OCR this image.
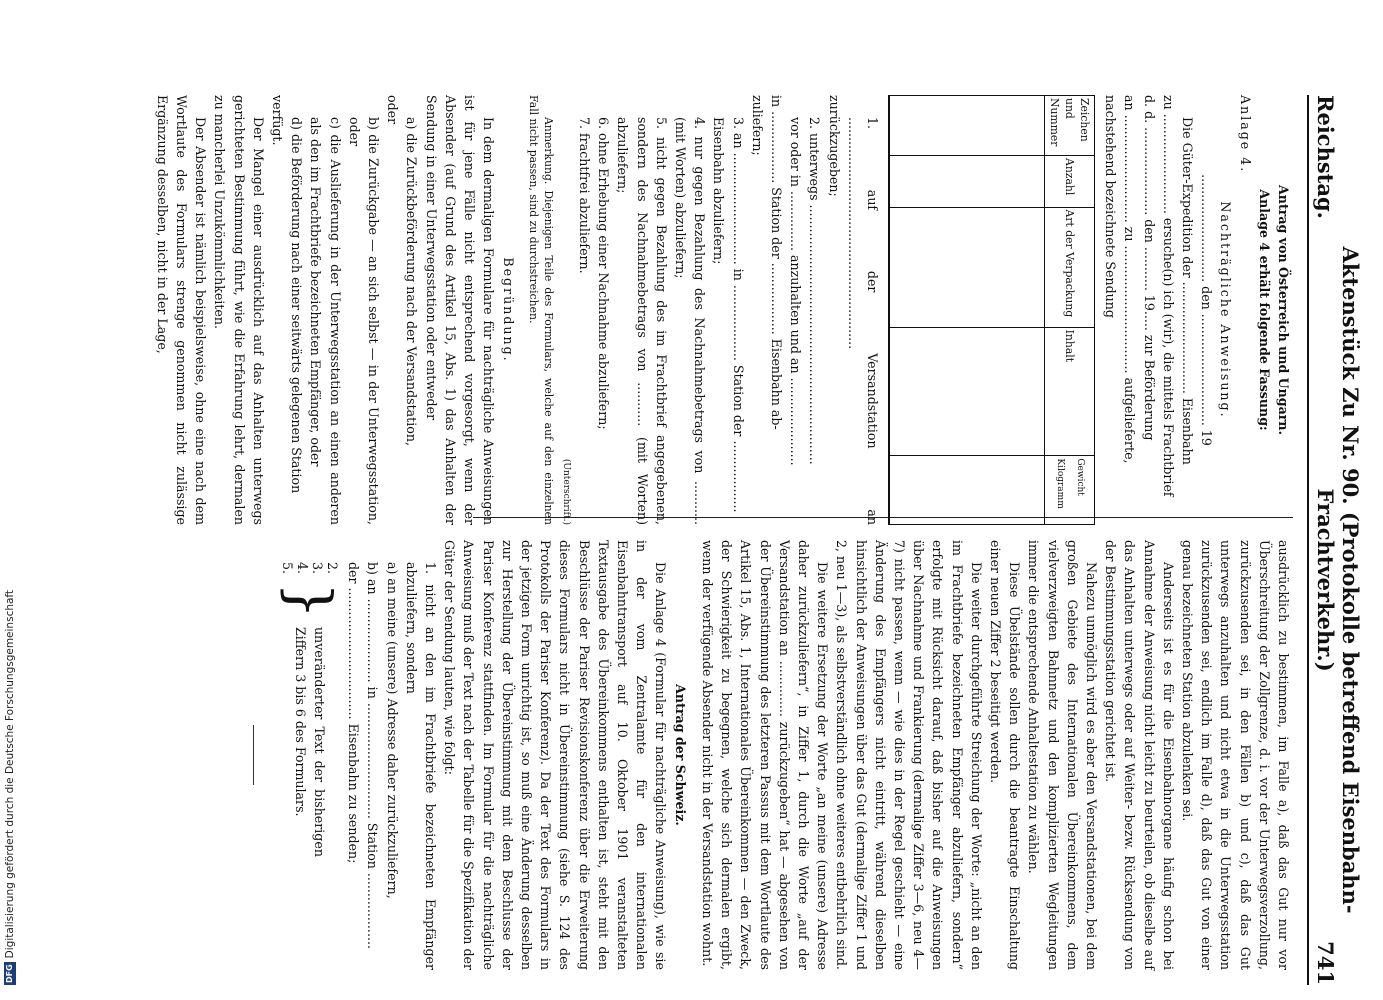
Reichstag.
Aktenstück Zu Nr. 90. (Protokolle betreffend Eisenbahn-Frachtverkehr.)
741

Antrag von Österreich und Ungarn.

Anlage 4 erhält folgende Fassung:

Anlage 4.

Nachträgliche Anweisung.

........................... den ............................ 19

Die Güter-Expedition der ............................ Eisenbahn

zu ......................... ersuche(n) ich (wir), die mittels Frachtbrief

d. d. ...................... den ........... 19..... zur Beförderung

an ........................... zu ................................ aufgelieferte,

nachstehend bezeichnete Sendung

Zeichen und Nummer	Anzahl	Art der Verpackung	Inhalt	Gewicht Kilogramm

1. auf der Versandstation an ..........................................................

zurückzugeben;

2. unterwegs .................................................................

vor oder in ............... anzuhalten und an ......................

in .................. Station der .................. Eisenbahn ab-

zuliefern;

3. an ............................ in ................... Station der ..................

Eisenbahn abzuliefern;

4. nur gegen Bezahlung des Nachnahmebetrags von ........... (mit Worten) abzuliefern;

5. nicht gegen Bezahlung des im Frachtbrief angegebenen, sondern des Nachnahmebetrags von ........... (mit Worten) abzuliefern;

6. ohne Erhebung einer Nachnahme abzuliefern;

7. frachtfrei abzuliefern.

(Unterschrift.)

Anmerkung. Diejenigen Teile des Formulars, welche auf den einzelnen Fall nicht passen, sind zu durchstreichen.

Begründung.

In dem dermaligen Formulare für nachträgliche Anweisungen ist für jene Fälle nicht entsprechend vorgesorgt, wenn der Absender (auf Grund des Artikel 15, Abs. 1) das Anhalten der Sendung in einer Unterwegsstation oder entweder

a) die Zurückbeförderung nach der Versandstation,

oder

b) die Zurückgabe — an sich selbst — in der Unterwegsstation, oder

c) die Auslieferung in der Unterwegsstation an einen anderen als den im Frachtbriefe bezeichneten Empfänger, oder

d) die Beförderung nach einer seitwärts gelegenen Station

verfügt.

Der Mangel einer ausdrücklich auf das Anhalten unterwegs gerichteten Bestimmung führt, wie die Erfahrung lehrt, dermalen zu mancherlei Unzukömmlichkeiten.

Der Absender ist nämlich beispielsweise, ohne eine nach dem Wortlaute des Formulars strenge genommen nicht zulässige Ergänzung desselben, nicht in der Lage,

ausdrücklich zu bestimmen, im Falle a), daß das Gut nur vor Überschreitung der Zollgrenze, d. i. vor der Unterwegsverzollung, zurückzusenden sei, in den Fällen b) und c), daß das Gut unterwegs anzuhalten und nicht etwa in die Unterwegsstation zurückzusenden sei, endlich im Falle d), daß das Gut von einer genau bezeichneten Station abzulenken sei.

Anderseits ist es für die Eisenbahnorgane häufig schon bei Annahme der Anweisung nicht leicht zu beurteilen, ob dieselbe auf das Anhalten unterwegs oder auf Weiter- bezw. Rücksendung von der Bestimmungsstation gerichtet ist.

Nahezu unmöglich wird es aber den Versandstationen, bei dem großen Gebiete des Internationalen Übereinkommens, dem vielverzweigten Bahnnetz und den komplizierten Wegleitungen immer die entsprechende Anhaltestation zu wählen.

Diese Übelstände sollen durch die beantragte Einschaltung einer neuen Ziffer 2 beseitigt werden.

Die weiter durchgeführte Streichung der Worte: „nicht an den im Frachtbriefe bezeichneten Empfänger abzuliefern, sondern“ erfolgte mit Rücksicht darauf, daß bisher auf die Anweisungen über Nachnahme und Frankierung (dermalige Ziffer 3—6, neu 4—7) nicht passen, wenn — wie dies in der Regel geschieht — eine Änderung des Empfängers nicht eintritt, während dieselben hinsichtlich der Anweisungen über das Gut (dermalige Ziffer 1 und 2, neu 1—3), als selbstverständlich ohne weiteres entbehrlich sind.

Die weitere Ersetzung der Worte „an meine (unsere) Adresse daher zurückzuliefern“, in Ziffer 1, durch die Worte „auf der Versandstation an .............. zurückzugeben“ hat — abgesehen von der Übereinstimmung des letzteren Passus mit dem Wortlaute des Artikel 15, Abs. 1, Internationales Übereinkommen — den Zweck, der Schwierigkeit zu begegnen, welche sich dermalen ergibt, wenn der verfügende Absender nicht in der Versandstation wohnt.

Antrag der Schweiz.

Die Anlage 4 (Formular für nachträgliche Anweisung), wie sie in der vom Zentralamte für den internationalen Eisenbahntransport auf 10. Oktober 1901 veranstalteten Textausgabe des Übereinkommens enthalten ist, steht mit den Beschlüsse der Pariser Revisionskonferenz über die Erweiterung dieses Formulars nicht in Übereinstimmung (siehe S. 124 des Protokolls der Pariser Konferenz). Da der Text des Formulars in der jetzigen Form unrichtig ist, so muß eine Änderung desselben zur Herstellung der Übereinstimmung mit dem Beschlusse der Pariser Konferenz stattfinden. Im Formular für die nachträgliche Anweisung muß der Text nach der Tabelle für die Spezifikation der Güter der Sendung lauten, wie folgt:

1. nicht an den im Frachtbriefe bezeichneten Empfänger abzuliefern, sondern

a) an meine (unsere) Adresse daher zurückzuliefern,

b) an ..................... in ............................. Station ...................

der ................................. Eisenbahn zu senden;

2.
3.
4.
5.
}
unveränderter Text der bisherigen Ziffern 3 bis 6 des Formulars.
DFG
Digitalisierung gefördert durch die Deutsche Forschungsgemeinschaft
